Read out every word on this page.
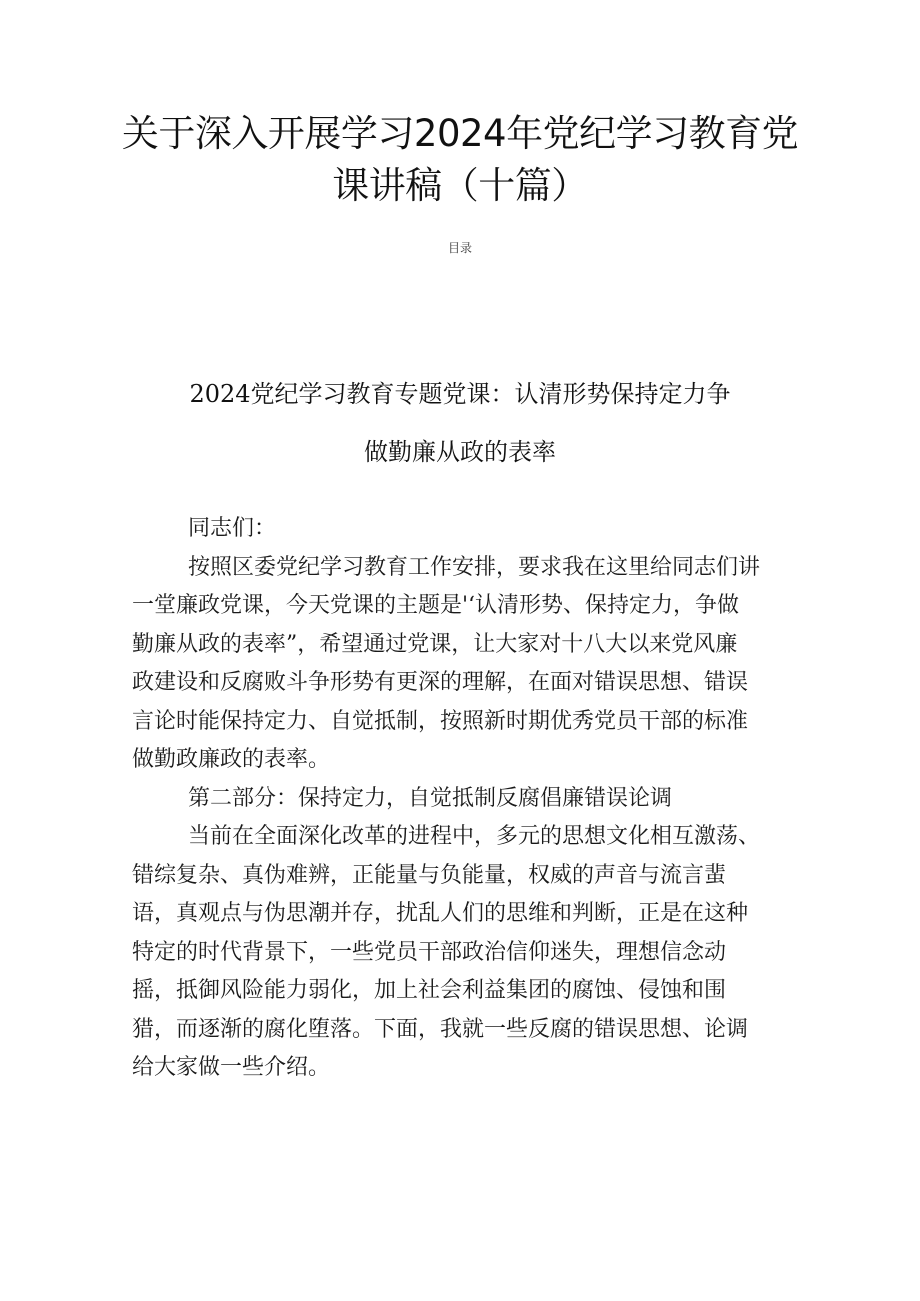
关于深入开展学习2024年党纪学习教育党
课讲稿（十篇）
目录
2024党纪学习教育专题党课：认清形势保持定力争
做勤廉从政的表率

同志们：

按照区委党纪学习教育工作安排，要求我在这里给同志们讲
一堂廉政党课，今天党课的主题是'‘认清形势、保持定力，争做
勤廉从政的表率”，希望通过党课，让大家对十八大以来党风廉
政建设和反腐败斗争形势有更深的理解，在面对错误思想、错误
言论时能保持定力、自觉抵制，按照新时期优秀党员干部的标准
做勤政廉政的表率。

第二部分：保持定力，自觉抵制反腐倡廉错误论调

当前在全面深化改革的进程中，多元的思想文化相互激荡、
错综复杂、真伪难辨，正能量与负能量，权威的声音与流言蜚
语，真观点与伪思潮并存，扰乱人们的思维和判断，正是在这种
特定的时代背景下，一些党员干部政治信仰迷失，理想信念动
摇，抵御风险能力弱化，加上社会利益集团的腐蚀、侵蚀和围
猎，而逐渐的腐化堕落。下面，我就一些反腐的错误思想、论调
给大家做一些介绍。
